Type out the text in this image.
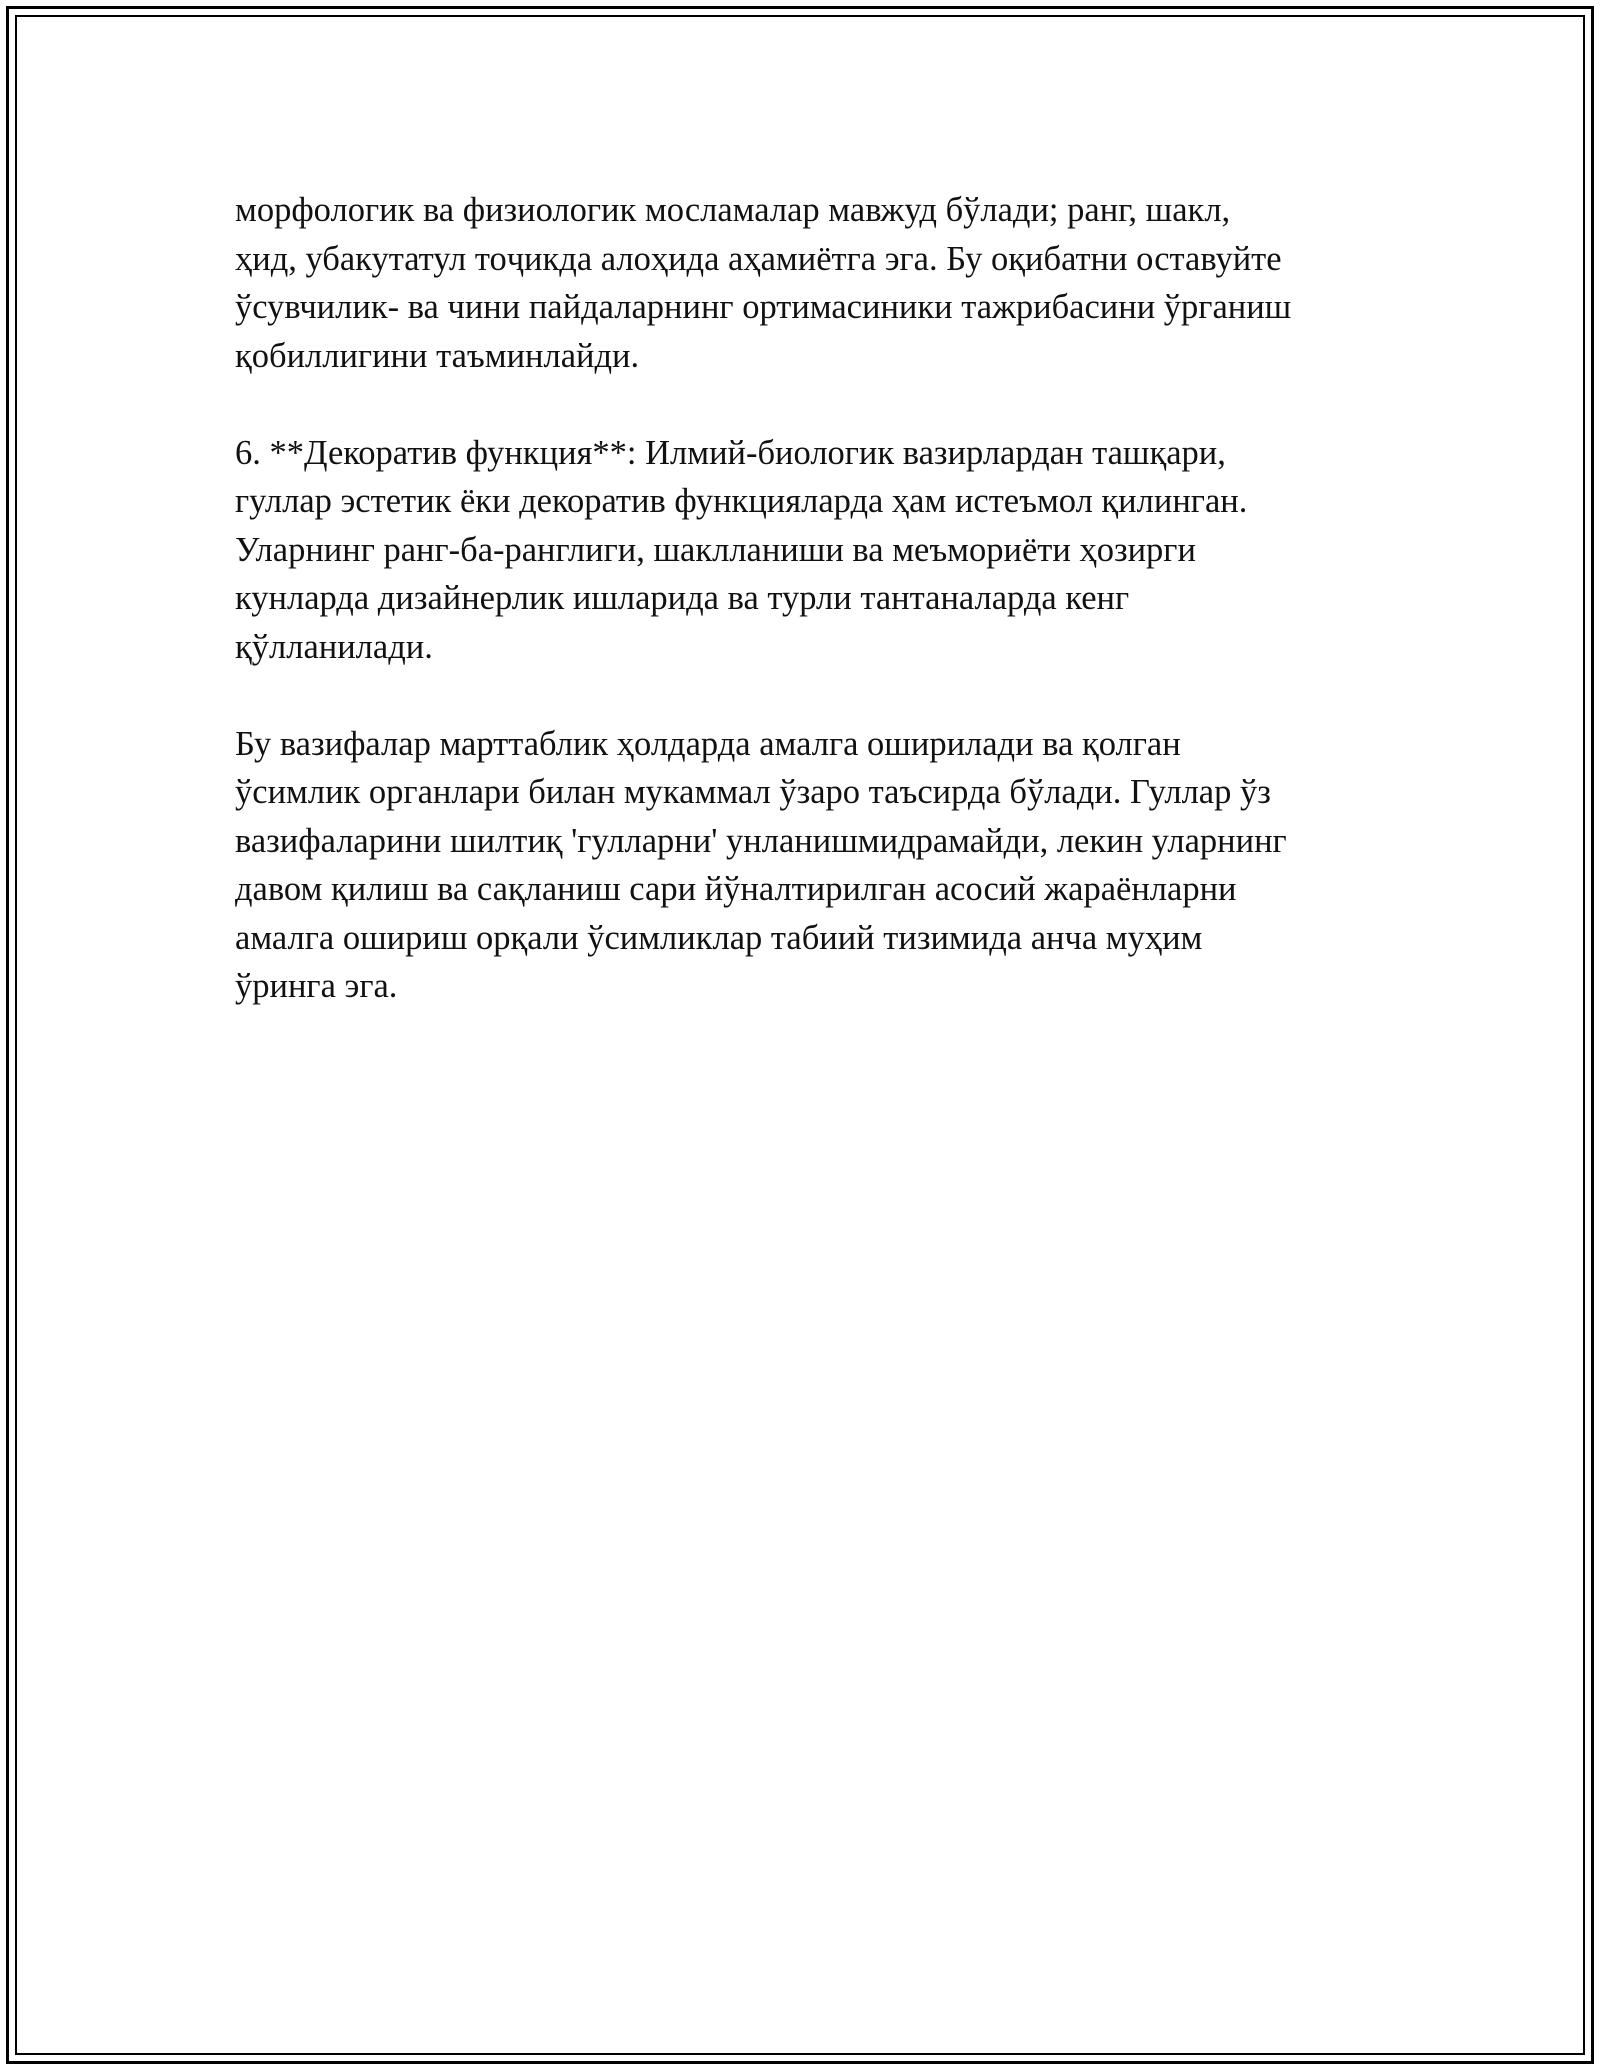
морфологик ва физиологик мосламалар мавжуд бўлади; ранг, шакл,
ҳид, убакутатул тоҷикда алоҳида аҳамиётга эга. Бу оқибатни оставуйте
ўсувчилик- ва чини пайдаларнинг ортимасиники тажрибасини ўрганиш
қобиллигини таъминлайди.

6. **Декоратив функция**: Илмий-биологик вазирлардан ташқари,
гуллар эстетик ёки декоратив функцияларда ҳам истеъмол қилинган.
Уларнинг ранг-ба-ранглиги, шаклланиши ва меъмориёти ҳозирги
кунларда дизайнерлик ишларида ва турли тантаналарда кенг
қўлланилади.

Бу вазифалар марттаблик ҳолдарда амалга оширилади ва қолган
ўсимлик органлари билан мукаммал ўзаро таъсирда бўлади. Гуллар ўз
вазифаларини шилтиқ 'гулларни' унланишмидрамайди, лекин уларнинг
давом қилиш ва сақланиш сари йўналтирилган асосий жараёнларни
амалга ошириш орқали ўсимликлар табиий тизимида анча муҳим
ўринга эга.
